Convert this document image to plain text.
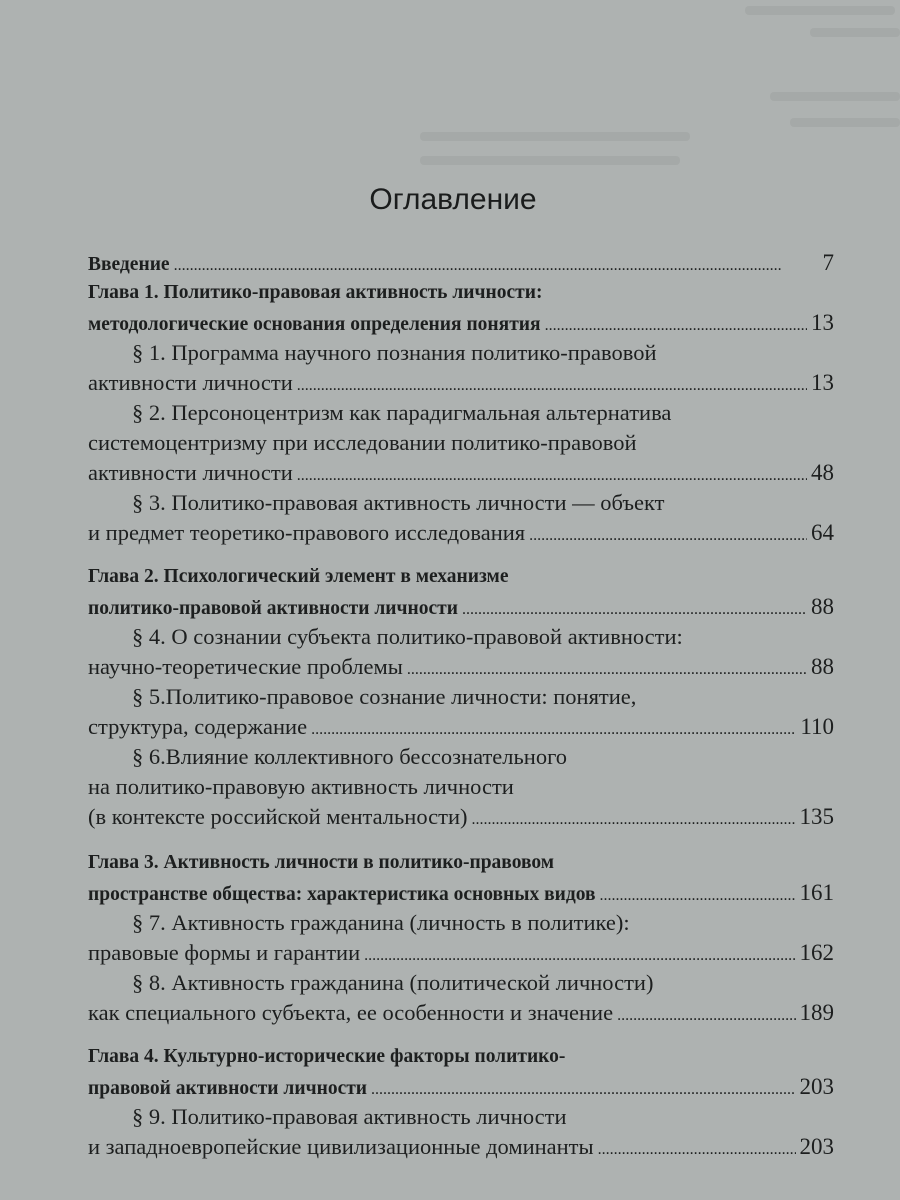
Оглавление
Введение . . .	7
Глава 1. Политико-правовая активность личности:
методологические основания определения понятия . . .	13
§ 1. Программа научного познания политико-правовой
активности личности . . .	13
§ 2. Персоноцентризм как парадигмальная альтернатива
системоцентризму при исследовании политико-правовой
активности личности . . .	48
§ 3. Политико-правовая активность личности — объект
и предмет теоретико-правового исследования . . .	64
Глава 2. Психологический элемент в механизме
политико-правовой активности личности . . .	88
§ 4. О сознании субъекта политико-правовой активности:
научно-теоретические проблемы . . .	88
§ 5.Политико-правовое сознание личности: понятие,
структура, содержание . . .	110
§ 6.Влияние коллективного бессознательного
на политико-правовую активность личности
(в контексте российской ментальности) . . .	135
Глава 3. Активность личности в политико-правовом
пространстве общества: характеристика основных видов . . .	161
§ 7. Активность гражданина (личность в политике):
правовые формы и гарантии . . .	162
§ 8. Активность гражданина (политической личности)
как специального субъекта, ее особенности и значение . . .	189
Глава 4. Культурно-исторические факторы политико-
правовой активности личности . . .	203
§ 9. Политико-правовая активность личности
и западноевропейские цивилизационные доминанты . . .	203
